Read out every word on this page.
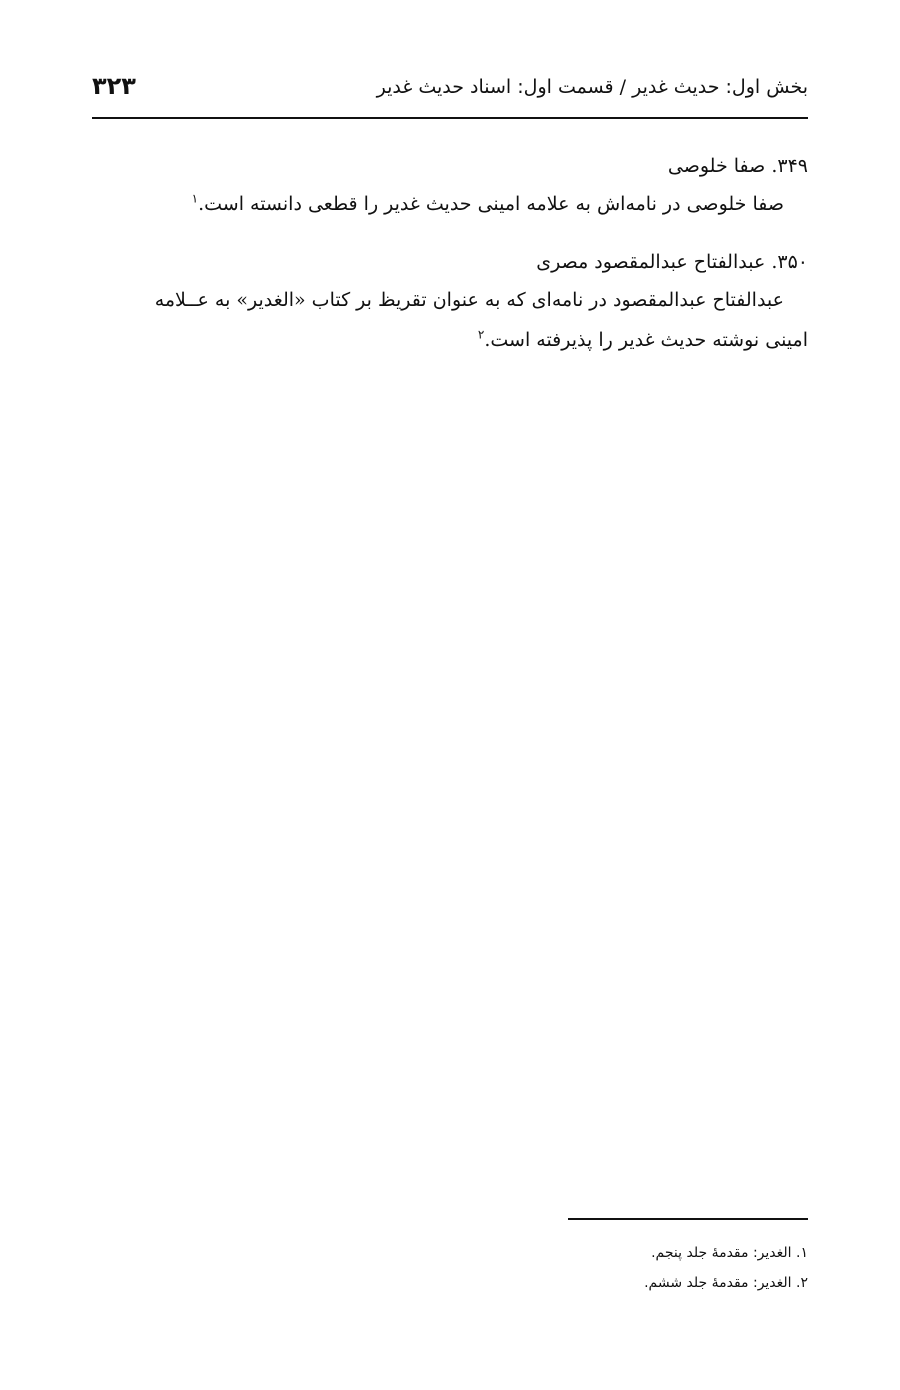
بخش اول: حدیث غدیر / قسمت اول: اسناد حدیث غدیر
۳۲۳

۳۴۹. صفا خلوصی

صفا خلوصی در نامه‌اش به علامه امینی حدیث غدیر را قطعی دانسته است.$^۱$

۳۵۰. عبدالفتاح عبدالمقصود مصری

عبدالفتاح عبدالمقصود در نامه‌ای که به عنوان تقریظ بر کتاب «الغدیر» به عــلامه

امینی نوشته حدیث غدیر را پذیرفته است.$^۲$

۱. الغدیر: مقدمهٔ جلد پنجم.

۲. الغدیر: مقدمهٔ جلد ششم.
